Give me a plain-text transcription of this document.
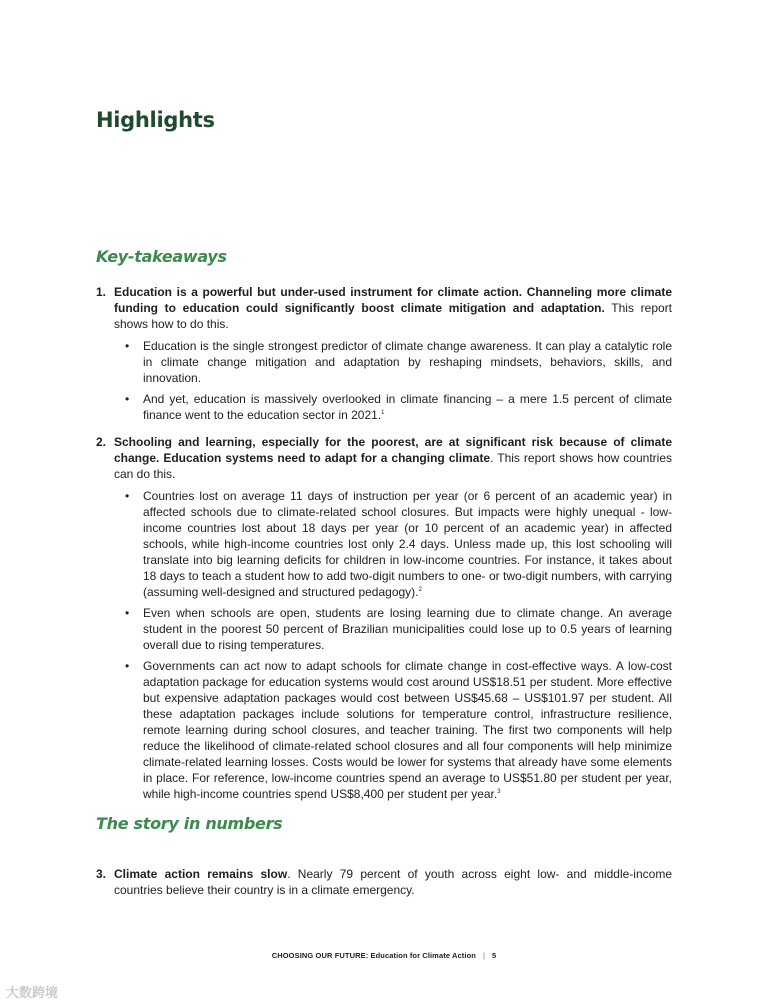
Highlights
Key-takeaways
1. Education is a powerful but under-used instrument for climate action. Channeling more climate funding to education could significantly boost climate mitigation and adaptation. This report shows how to do this.
• Education is the single strongest predictor of climate change awareness. It can play a catalytic role in climate change mitigation and adaptation by reshaping mindsets, behaviors, skills, and innovation.
• And yet, education is massively overlooked in climate financing – a mere 1.5 percent of climate finance went to the education sector in 2021.$^1$
2. Schooling and learning, especially for the poorest, are at significant risk because of climate change. Education systems need to adapt for a changing climate. This report shows how countries can do this.
• Countries lost on average 11 days of instruction per year (or 6 percent of an academic year) in affected schools due to climate-related school closures. But impacts were highly unequal - low-income countries lost about 18 days per year (or 10 percent of an academic year) in affected schools, while high-income countries lost only 2.4 days. Unless made up, this lost schooling will translate into big learning deficits for children in low-income countries. For instance, it takes about 18 days to teach a student how to add two-digit numbers to one- or two-digit numbers, with carrying (assuming well-designed and structured pedagogy).$^2$
• Even when schools are open, students are losing learning due to climate change. An average student in the poorest 50 percent of Brazilian municipalities could lose up to 0.5 years of learning overall due to rising temperatures.
• Governments can act now to adapt schools for climate change in cost-effective ways. A low-cost adaptation package for education systems would cost around US$18.51 per student. More effective but expensive adaptation packages would cost between US$45.68 – US$101.97 per student. All these adaptation packages include solutions for temperature control, infrastructure resilience, remote learning during school closures, and teacher training. The first two components will help reduce the likelihood of climate-related school closures and all four components will help minimize climate-related learning losses. Costs would be lower for systems that already have some elements in place. For reference, low-income countries spend an average to US$51.80 per student per year, while high-income countries spend US$8,400 per student per year.$^3$
The story in numbers
3. Climate action remains slow. Nearly 79 percent of youth across eight low- and middle-income countries believe their country is in a climate emergency.
CHOOSING OUR FUTURE: Education for Climate Action | 5
大数跨境
